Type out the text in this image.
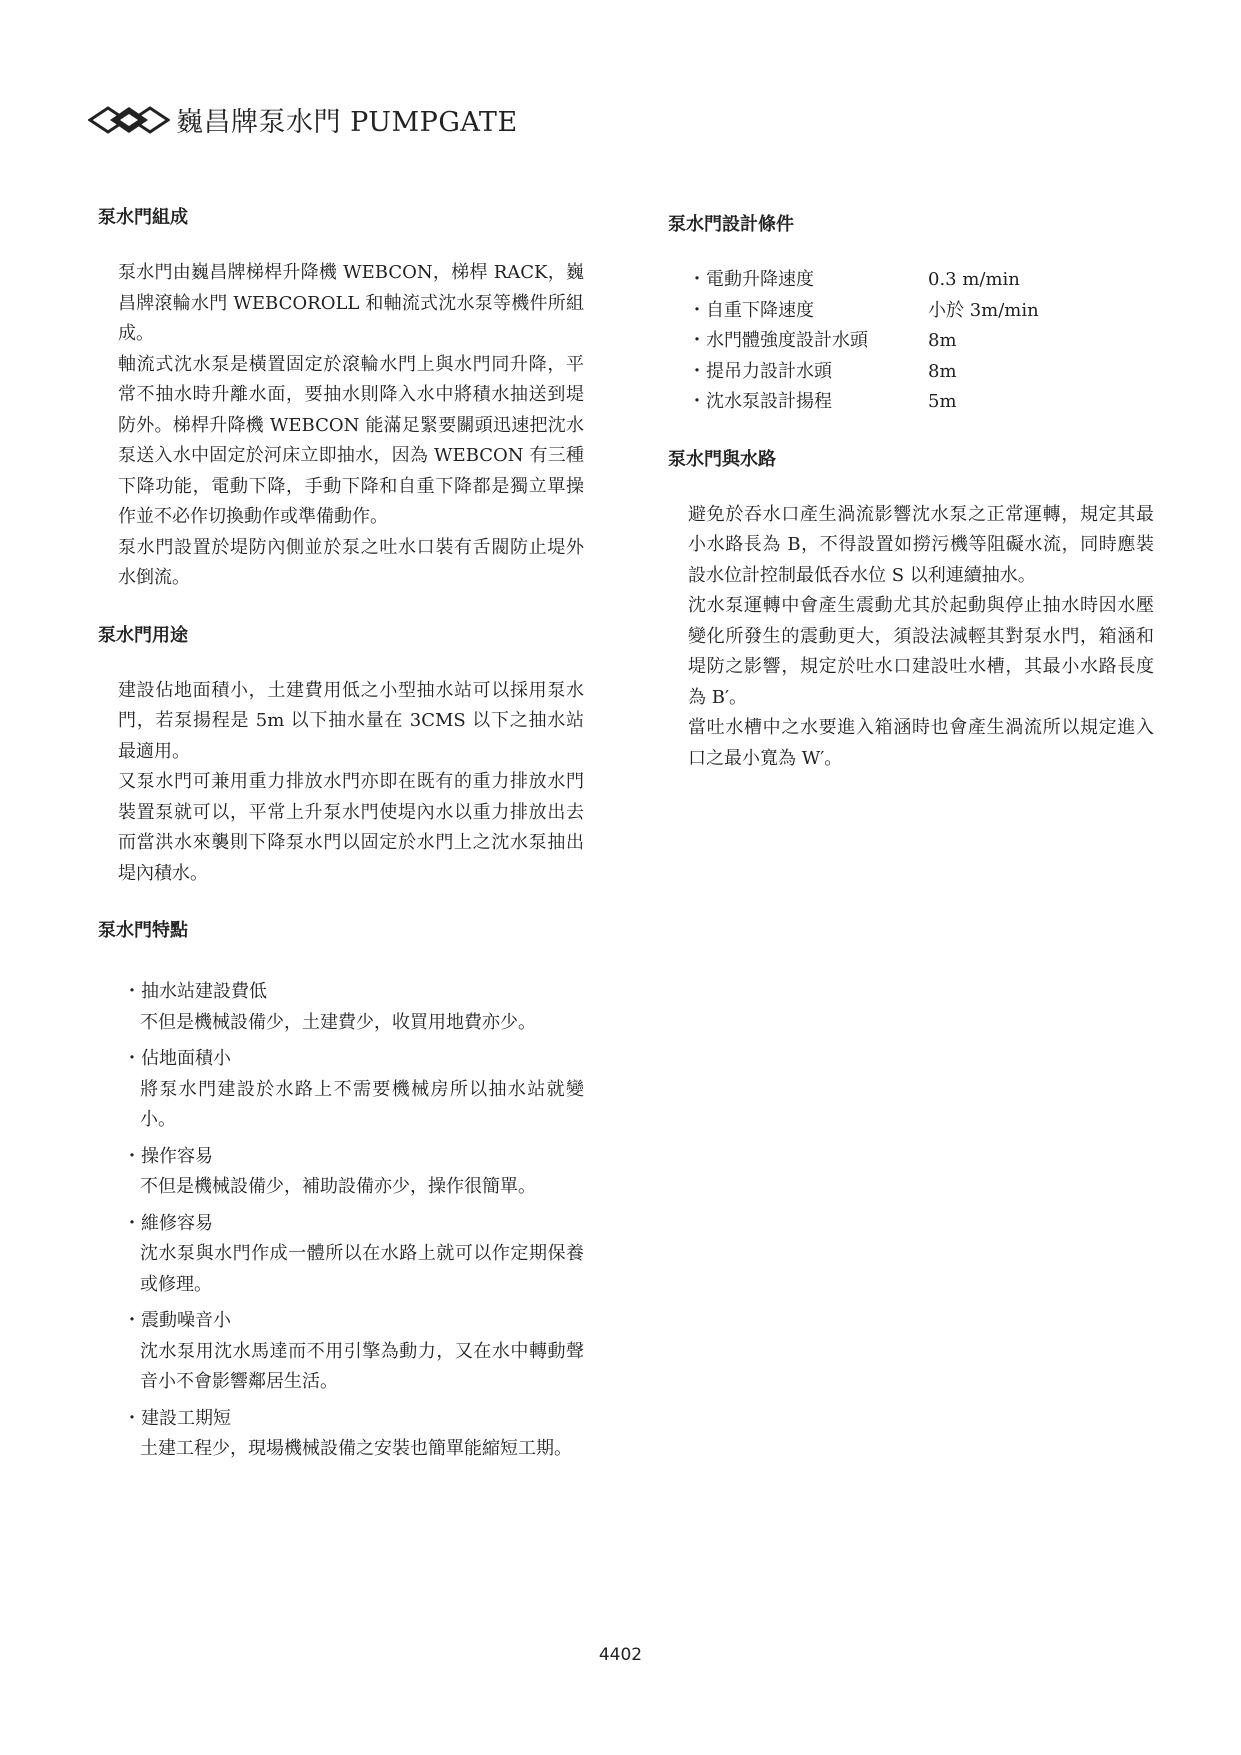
巍昌牌泵水門 PUMPGATE
泵水門組成

泵水門由巍昌牌梯桿升降機 WEBCON，梯桿 RACK，巍昌牌滾輪水門 WEBCOROLL 和軸流式沈水泵等機件所組成。

軸流式沈水泵是橫置固定於滾輪水門上與水門同升降，平常不抽水時升離水面，要抽水則降入水中將積水抽送到堤防外。梯桿升降機 WEBCON 能滿足緊要關頭迅速把沈水泵送入水中固定於河床立即抽水，因為 WEBCON 有三種下降功能，電動下降，手動下降和自重下降都是獨立單操作並不必作切換動作或準備動作。

泵水門設置於堤防內側並於泵之吐水口裝有舌閥防止堤外水倒流。

泵水門用途

建設佔地面積小，土建費用低之小型抽水站可以採用泵水門，若泵揚程是 5m 以下抽水量在 3CMS 以下之抽水站最適用。

又泵水門可兼用重力排放水門亦即在既有的重力排放水門裝置泵就可以，平常上升泵水門使堤內水以重力排放出去而當洪水來襲則下降泵水門以固定於水門上之沈水泵抽出堤內積水。

泵水門特點

・ 抽水站建設費低

不但是機械設備少，土建費少，收買用地費亦少。

・ 佔地面積小

將泵水門建設於水路上不需要機械房所以抽水站就變小。

・ 操作容易

不但是機械設備少，補助設備亦少，操作很簡單。

・ 維修容易

沈水泵與水門作成一體所以在水路上就可以作定期保養或修理。

・ 震動噪音小

沈水泵用沈水馬達而不用引擎為動力，又在水中轉動聲音小不會影響鄰居生活。

・ 建設工期短

土建工程少，現場機械設備之安裝也簡單能縮短工期。

泵水門設計條件
・ 電動升降速度	0.3 m/min
・ 自重下降速度	小於 3m/min
・ 水門體強度設計水頭	8m
・ 提吊力設計水頭	8m
・ 沈水泵設計揚程	5m
泵水門與水路

避免於吞水口產生渦流影響沈水泵之正常運轉，規定其最小水路長為 B，不得設置如撈污機等阻礙水流，同時應裝設水位計控制最低吞水位 S 以利連續抽水。

沈水泵運轉中會產生震動尤其於起動與停止抽水時因水壓變化所發生的震動更大，須設法減輕其對泵水門，箱涵和堤防之影響，規定於吐水口建設吐水槽，其最小水路長度為 B′。

當吐水槽中之水要進入箱涵時也會產生渦流所以規定進入口之最小寬為 W′。

4402
